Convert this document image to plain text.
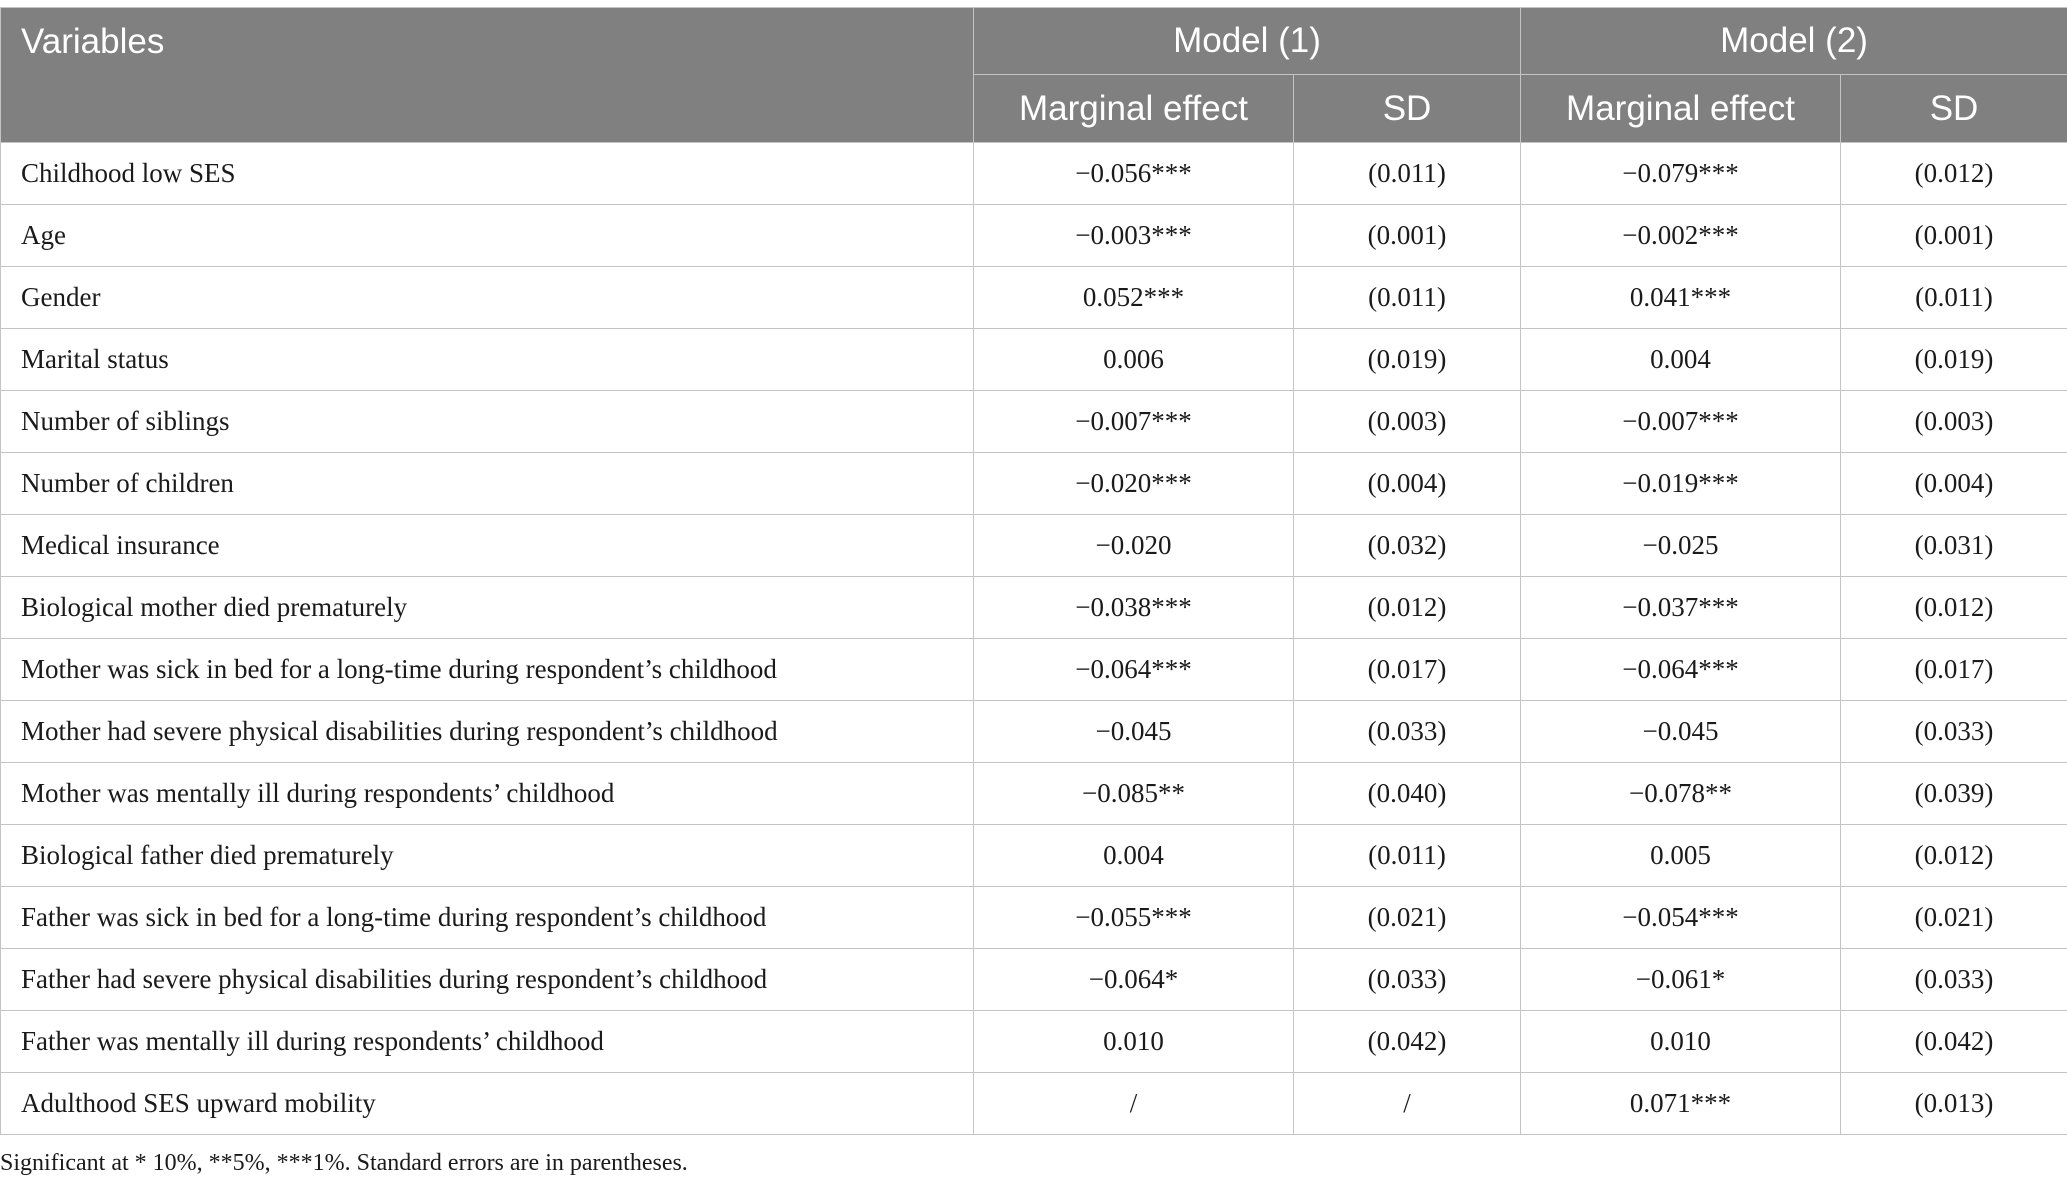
Variables	Model (1)		Model (2)	
	Marginal effect	SD	Marginal effect	SD
Childhood low SES	−0.056***	(0.011)	−0.079***	(0.012)
Age	−0.003***	(0.001)	−0.002***	(0.001)
Gender	0.052***	(0.011)	0.041***	(0.011)
Marital status	0.006	(0.019)	0.004	(0.019)
Number of siblings	−0.007***	(0.003)	−0.007***	(0.003)
Number of children	−0.020***	(0.004)	−0.019***	(0.004)
Medical insurance	−0.020	(0.032)	−0.025	(0.031)
Biological mother died prematurely	−0.038***	(0.012)	−0.037***	(0.012)
Mother was sick in bed for a long-time during respondent’s childhood	−0.064***	(0.017)	−0.064***	(0.017)
Mother had severe physical disabilities during respondent’s childhood	−0.045	(0.033)	−0.045	(0.033)
Mother was mentally ill during respondents’ childhood	−0.085**	(0.040)	−0.078**	(0.039)
Biological father died prematurely	0.004	(0.011)	0.005	(0.012)
Father was sick in bed for a long-time during respondent’s childhood	−0.055***	(0.021)	−0.054***	(0.021)
Father had severe physical disabilities during respondent’s childhood	−0.064*	(0.033)	−0.061*	(0.033)
Father was mentally ill during respondents’ childhood	0.010	(0.042)	0.010	(0.042)
Adulthood SES upward mobility	/	/	0.071***	(0.013)
Significant at * 10%, **5%, ***1%. Standard errors are in parentheses.
